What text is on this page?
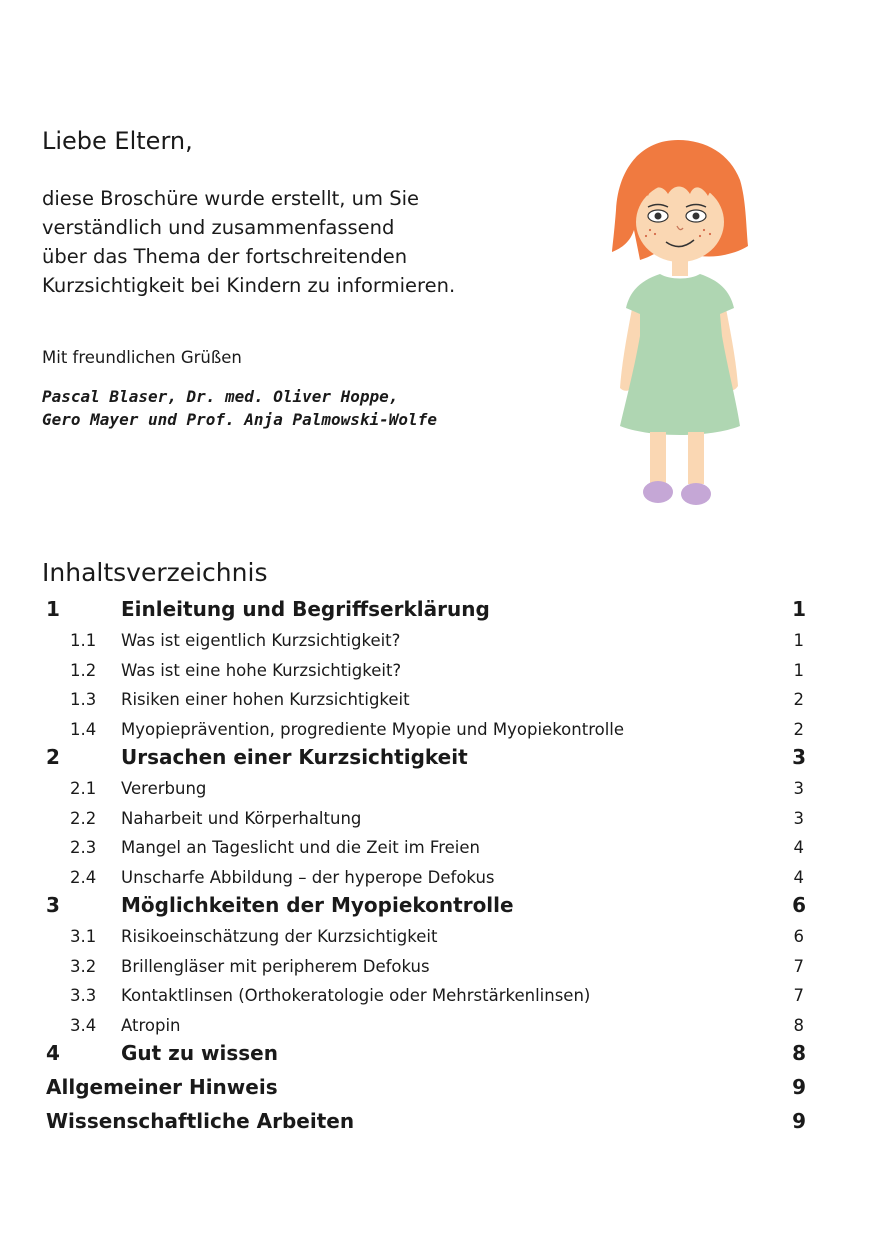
Liebe Eltern,

diese Broschüre wurde erstellt, um Sie
verständlich und zusammenfassend
über das Thema der fortschreitenden
Kurzsichtigkeit bei Kindern zu informieren.

Mit freundlichen Grüßen

Pascal Blaser, Dr. med. Oliver Hoppe,
Gero Mayer und Prof. Anja Palmowski-Wolfe

Inhaltsverzeichnis
1	Einleitung und Begriffserklärung	1
1.1 Was ist eigentlich Kurzsichtigkeit?	1
1.2 Was ist eine hohe Kurzsichtigkeit?	1
1.3 Risiken einer hohen Kurzsichtigkeit	2
1.4 Myopieprävention, progrediente Myopie und Myopiekontrolle	2
2	Ursachen einer Kurzsichtigkeit	3
2.1 Vererbung	3
2.2 Naharbeit und Körperhaltung	3
2.3 Mangel an Tageslicht und die Zeit im Freien	4
2.4 Unscharfe Abbildung – der hyperope Defokus	4
3	Möglichkeiten der Myopiekontrolle	6
3.1 Risikoeinschätzung der Kurzsichtigkeit	6
3.2 Brillengläser mit peripherem Defokus	7
3.3 Kontaktlinsen (Orthokeratologie oder Mehrstärkenlinsen)	7
3.4 Atropin	8
4	Gut zu wissen	8
Allgemeiner Hinweis	9
Wissenschaftliche Arbeiten	9
